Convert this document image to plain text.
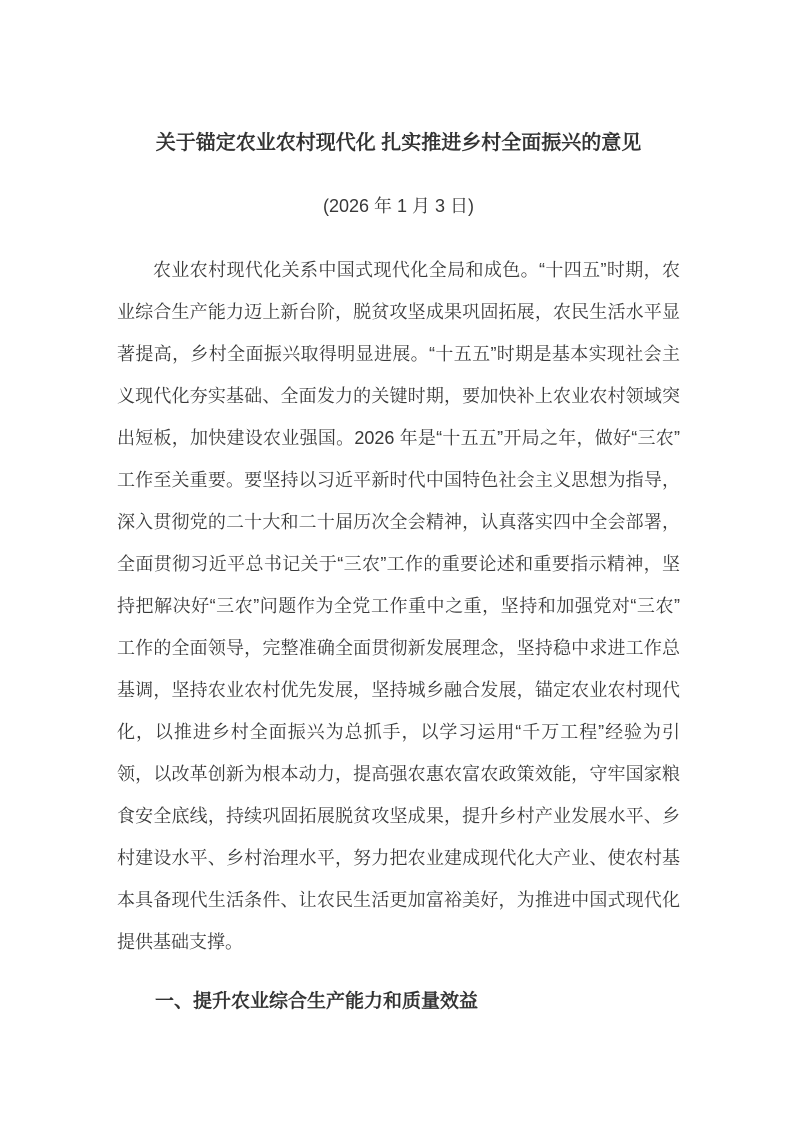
关于锚定农业农村现代化 扎实推进乡村全面振兴的意见
(2026 年 1 月 3 日)

农业农村现代化关系中国式现代化全局和成色。“十四五”时期，农业综合生产能力迈上新台阶，脱贫攻坚成果巩固拓展，农民生活水平显著提高，乡村全面振兴取得明显进展。“十五五”时期是基本实现社会主义现代化夯实基础、全面发力的关键时期，要加快补上农业农村领域突出短板，加快建设农业强国。2026 年是“十五五”开局之年，做好“三农”工作至关重要。要坚持以习近平新时代中国特色社会主义思想为指导，深入贯彻党的二十大和二十届历次全会精神，认真落实四中全会部署，全面贯彻习近平总书记关于“三农”工作的重要论述和重要指示精神，坚持把解决好“三农”问题作为全党工作重中之重，坚持和加强党对“三农”工作的全面领导，完整准确全面贯彻新发展理念，坚持稳中求进工作总基调，坚持农业农村优先发展，坚持城乡融合发展，锚定农业农村现代化，以推进乡村全面振兴为总抓手，以学习运用“千万工程”经验为引领，以改革创新为根本动力，提高强农惠农富农政策效能，守牢国家粮食安全底线，持续巩固拓展脱贫攻坚成果，提升乡村产业发展水平、乡村建设水平、乡村治理水平，努力把农业建成现代化大产业、使农村基本具备现代生活条件、让农民生活更加富裕美好，为推进中国式现代化提供基础支撑。

一、提升农业综合生产能力和质量效益
